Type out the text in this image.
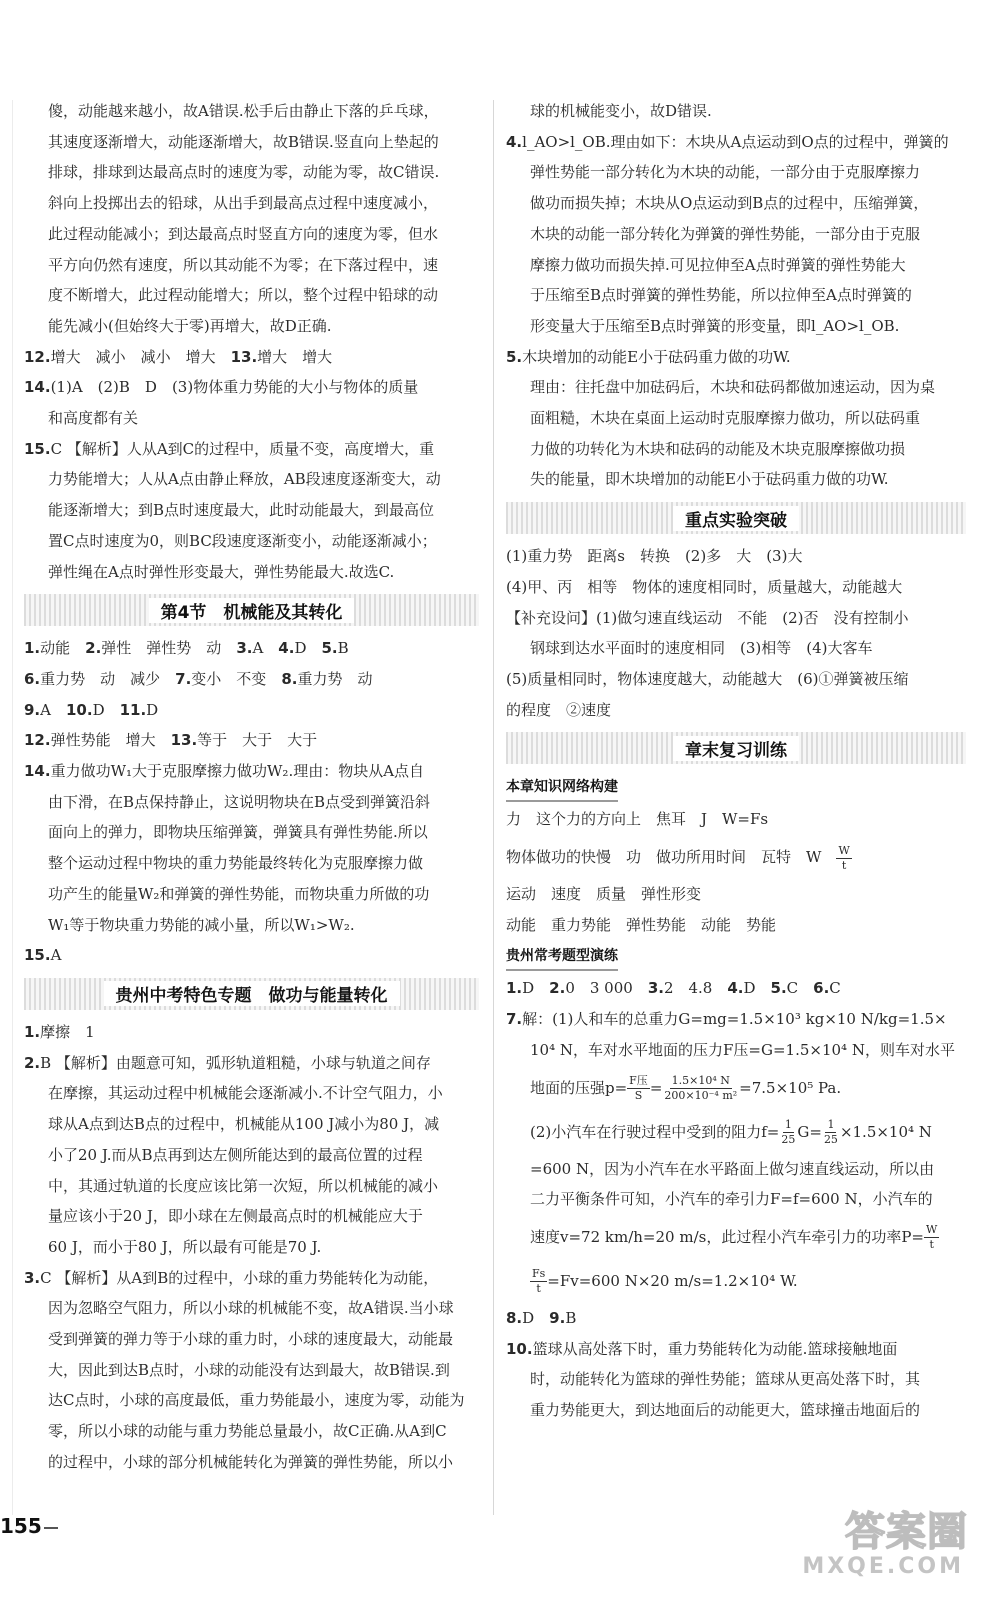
傻，动能越来越小，故A错误.松手后由静止下落的乒乓球，

其速度逐渐增大，动能逐渐增大，故B错误.竖直向上垫起的

排球，排球到达最高点时的速度为零，动能为零，故C错误.

斜向上投掷出去的铅球，从出手到最高点过程中速度减小，

此过程动能减小；到达最高点时竖直方向的速度为零，但水

平方向仍然有速度，所以其动能不为零；在下落过程中，速

度不断增大，此过程动能增大；所以，整个过程中铅球的动

能先减小(但始终大于零)再增大，故D正确.

12.增大　减小　减小　增大　13.增大　增大

14.(1)A　(2)B　D　(3)物体重力势能的大小与物体的质量

和高度都有关

15.C 【解析】人从A到C的过程中，质量不变，高度增大，重

力势能增大；人从A点由静止释放，AB段速度逐渐变大，动

能逐渐增大；到B点时速度最大，此时动能最大，到最高位

置C点时速度为0，则BC段速度逐渐变小，动能逐渐减小；

弹性绳在A点时弹性形变最大，弹性势能最大.故选C.

第4节　机械能及其转化

1.动能　2.弹性　弹性势　动　3.A　4.D　5.B

6.重力势　动　减少　7.变小　不变　8.重力势　动

9.A　10.D　11.D

12.弹性势能　增大　13.等于　大于　大于

14.重力做功W₁大于克服摩擦力做功W₂.理由：物块从A点自

由下滑，在B点保持静止，这说明物块在B点受到弹簧沿斜

面向上的弹力，即物块压缩弹簧，弹簧具有弹性势能.所以

整个运动过程中物块的重力势能最终转化为克服摩擦力做

功产生的能量W₂和弹簧的弹性势能，而物块重力所做的功

W₁等于物块重力势能的减小量，所以W₁>W₂.

15.A

贵州中考特色专题　做功与能量转化

1.摩擦　1

2.B 【解析】由题意可知，弧形轨道粗糙，小球与轨道之间存

在摩擦，其运动过程中机械能会逐渐减小.不计空气阻力，小

球从A点到达B点的过程中，机械能从100 J减小为80 J，减

小了20 J.而从B点再到达左侧所能达到的最高位置的过程

中，其通过轨道的长度应该比第一次短，所以机械能的减小

量应该小于20 J，即小球在左侧最高点时的机械能应大于

60 J，而小于80 J，所以最有可能是70 J.

3.C 【解析】从A到B的过程中，小球的重力势能转化为动能，

因为忽略空气阻力，所以小球的机械能不变，故A错误.当小球

受到弹簧的弹力等于小球的重力时，小球的速度最大，动能最

大，因此到达B点时，小球的动能没有达到最大，故B错误.到

达C点时，小球的高度最低，重力势能最小，速度为零，动能为

零，所以小球的动能与重力势能总量最小，故C正确.从A到C

的过程中，小球的部分机械能转化为弹簧的弹性势能，所以小

球的机械能变小，故D错误.

4.l_AO>l_OB.理由如下：木块从A点运动到O点的过程中，弹簧的

弹性势能一部分转化为木块的动能，一部分由于克服摩擦力

做功而损失掉；木块从O点运动到B点的过程中，压缩弹簧，

木块的动能一部分转化为弹簧的弹性势能，一部分由于克服

摩擦力做功而损失掉.可见拉伸至A点时弹簧的弹性势能大

于压缩至B点时弹簧的弹性势能，所以拉伸至A点时弹簧的

形变量大于压缩至B点时弹簧的形变量，即l_AO>l_OB.

5.木块增加的动能E小于砝码重力做的功W.

理由：往托盘中加砝码后，木块和砝码都做加速运动，因为桌

面粗糙，木块在桌面上运动时克服摩擦力做功，所以砝码重

力做的功转化为木块和砝码的动能及木块克服摩擦做功损

失的能量，即木块增加的动能E小于砝码重力做的功W.

重点实验突破

(1)重力势　距离s　转换　(2)多　大　(3)大

(4)甲、丙　相等　物体的速度相同时，质量越大，动能越大

【补充设问】(1)做匀速直线运动　不能　(2)否　没有控制小

钢球到达水平面时的速度相同　(3)相等　(4)大客车

(5)质量相同时，物体速度越大，动能越大　(6)①弹簧被压缩

的程度　②速度

章末复习训练
本章知识网络构建

力　这个力的方向上　焦耳　J　W=Fs

物体做功的快慢　功　做功所用时间　瓦特　W　 $\frac{W}{t}$

运动　速度　质量　弹性形变

动能　重力势能　弹性势能　动能　势能

贵州常考题型演练

1.D　2.0　3 000　3.2　4.8　4.D　5.C　6.C

7.解：(1)人和车的总重力G=mg=1.5×10³ kg×10 N/kg=1.5×

10⁴ N，车对水平地面的压力F压=G=1.5×10⁴ N，则车对水平

地面的压强$p= \frac{\text{F压}}{S} = \frac{\text{1.5×10⁴ N}}{\text{200×10⁻⁴ m²}} =7.5\times 10^5$ Pa.

(2)小汽车在行驶过程中受到的阻力$f= \frac{1}{25} G= \frac{1}{25} \times 1.5\times 10^4$ N

=600 N，因为小汽车在水平路面上做匀速直线运动，所以由

二力平衡条件可知，小汽车的牵引力F=f=600 N，小汽车的

速度v=72 km/h=20 m/s，此过程小汽车牵引力的功率$P= \frac{W}{t}$

$\frac{Fs}{t} =Fv=600$ N×20 m/s=1.2×10⁴ W.

8.D　9.B

10.篮球从高处落下时，重力势能转化为动能.篮球接触地面

时，动能转化为篮球的弹性势能；篮球从更高处落下时，其

重力势能更大，到达地面后的动能更大，篮球撞击地面后的

155	答案圈
MXQE.COM
